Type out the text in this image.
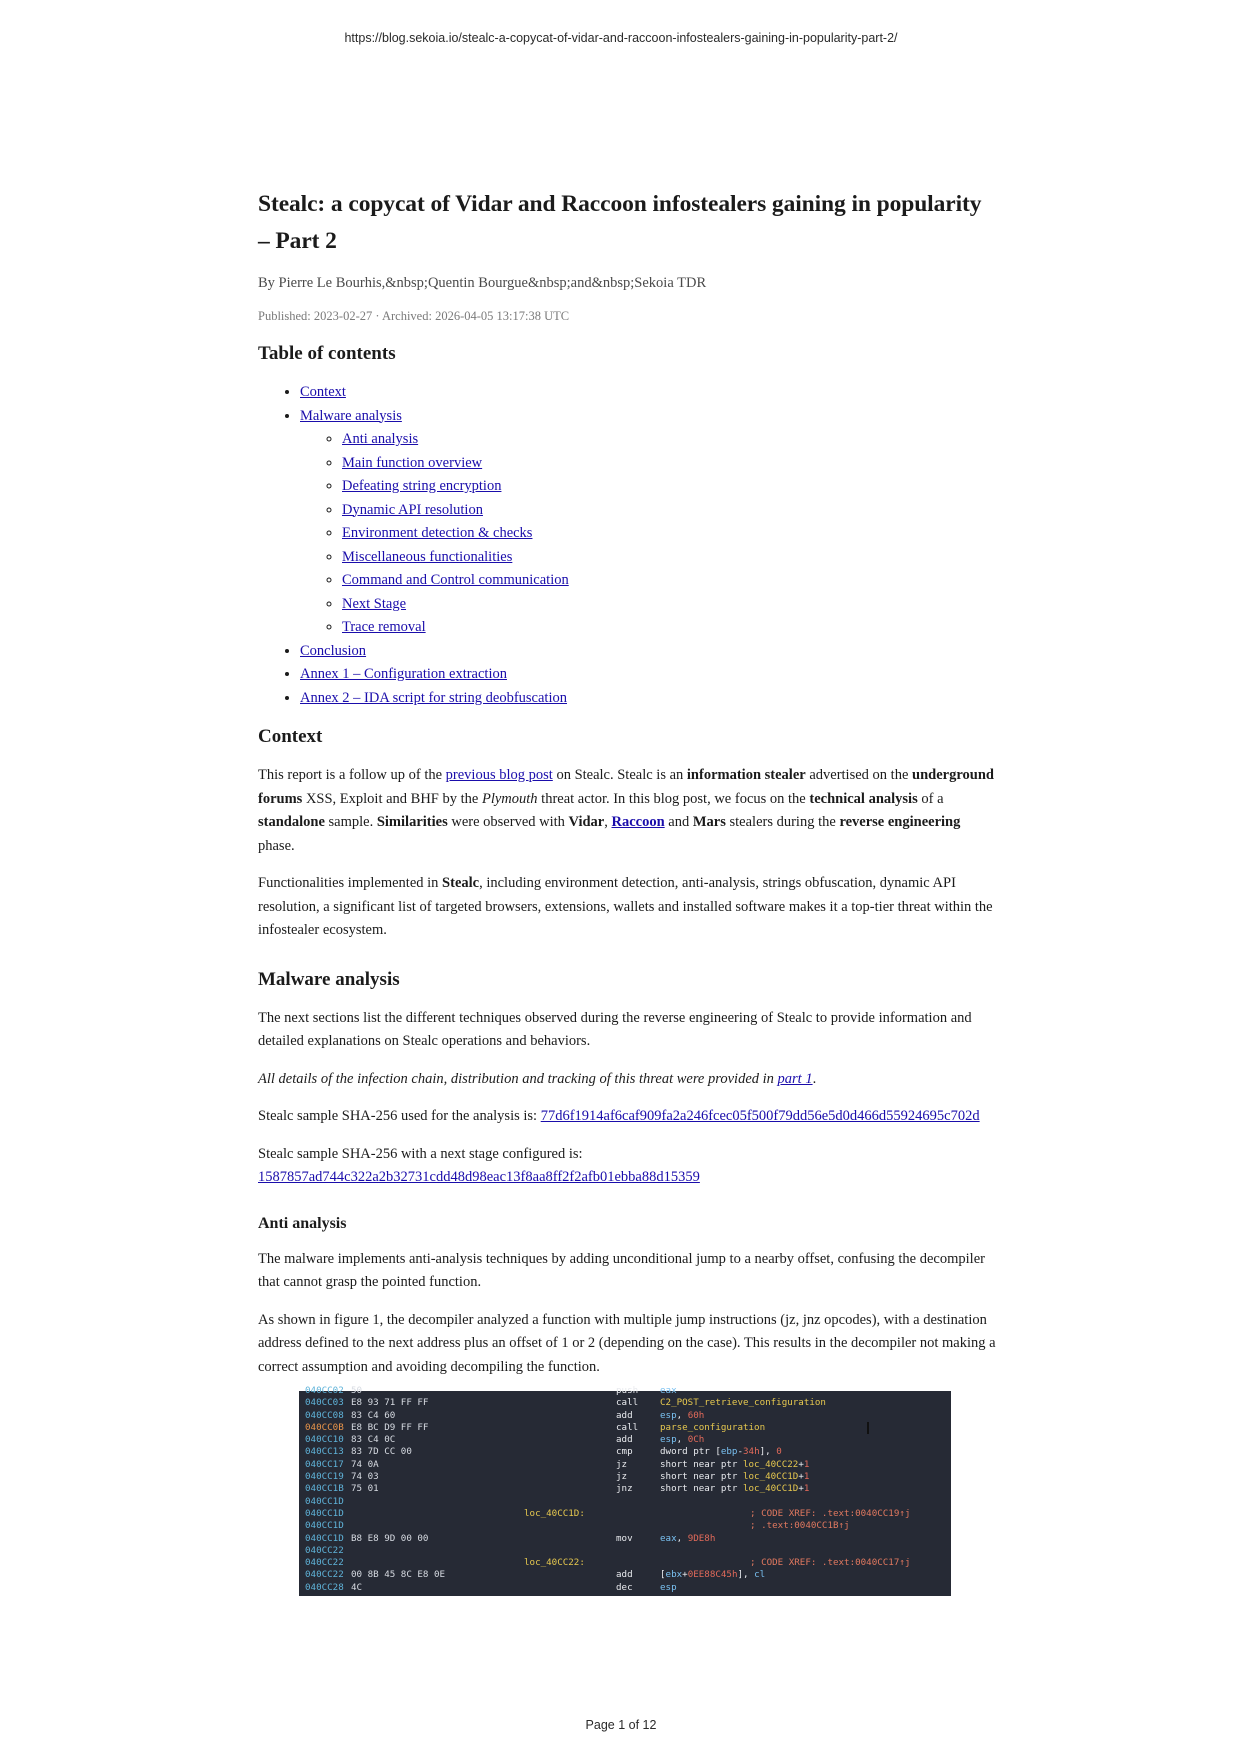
https://blog.sekoia.io/stealc-a-copycat-of-vidar-and-raccoon-infostealers-gaining-in-popularity-part-2/
Stealc: a copycat of Vidar and Raccoon infostealers gaining in popularity – Part 2
By Pierre Le Bourhis,&nbsp;Quentin Bourgue&nbsp;and&nbsp;Sekoia TDR
Published: 2023-02-27 · Archived: 2026-04-05 13:17:38 UTC
Table of contents
• Context
• Malware analysis
◦ Anti analysis
◦ Main function overview
◦ Defeating string encryption
◦ Dynamic API resolution
◦ Environment detection & checks
◦ Miscellaneous functionalities
◦ Command and Control communication
◦ Next Stage
◦ Trace removal
• Conclusion
• Annex 1 – Configuration extraction
• Annex 2 – IDA script for string deobfuscation
Context

This report is a follow up of the previous blog post on Stealc. Stealc is an information stealer advertised on the underground forums XSS, Exploit and BHF by the Plymouth threat actor. In this blog post, we focus on the technical analysis of a standalone sample. Similarities were observed with Vidar, Raccoon and Mars stealers during the reverse engineering phase.

Functionalities implemented in Stealc, including environment detection, anti-analysis, strings obfuscation, dynamic API resolution, a significant list of targeted browsers, extensions, wallets and installed software makes it a top-tier threat within the infostealer ecosystem.

Malware analysis

The next sections list the different techniques observed during the reverse engineering of Stealc to provide information and detailed explanations on Stealc operations and behaviors.

All details of the infection chain, distribution and tracking of this threat were provided in part 1.

Stealc sample SHA-256 used for the analysis is: 77d6f1914af6caf909fa2a246fcec05f500f79dd56e5d0d466d55924695c702d

Stealc sample SHA-256 with a next stage configured is:
1587857ad744c322a2b32731cdd48d98eac13f8aa8ff2f2afb01ebba88d15359

Anti analysis

The malware implements anti-analysis techniques by adding unconditional jump to a nearby offset, confusing the decompiler that cannot grasp the pointed function.

As shown in figure 1, the decompiler analyzed a function with multiple jump instructions (jz, jnz opcodes), with a destination address defined to the next address plus an offset of 1 or 2 (depending on the case). This results in the decompiler not making a correct assumption and avoiding decompiling the function.

040CC02 50	push eax
040CC03 E8 93 71 FF FF	call C2_POST_retrieve_configuration
040CC08 83 C4 60	add	esp, 60h
040CC0B E8 BC D9 FF FF	call parse_configuration
040CC10 83 C4 0C	add	esp, 0Ch
040CC13 83 7D CC 00	cmp	dword ptr [ebp-34h], 0
040CC17 74 0A	jz	short near ptr loc_40CC22+1
040CC19 74 03	jz	short near ptr loc_40CC1D+1
040CC1B 75 01	jnz	short near ptr loc_40CC1D+1
040CC1D
040CC1D	loc_40CC1D:	; CODE XREF: .text:0040CC19↑j
040CC1D	; .text:0040CC1B↑j
040CC1D B8 E8 9D 00 00	mov	eax, 9DE8h
040CC22
040CC22	loc_40CC22:	; CODE XREF: .text:0040CC17↑j
040CC22 00 8B 45 8C E8 0E	add	[ebx+0EE88C45h], cl
040CC28 4C	dec	esp
Page 1 of 12
